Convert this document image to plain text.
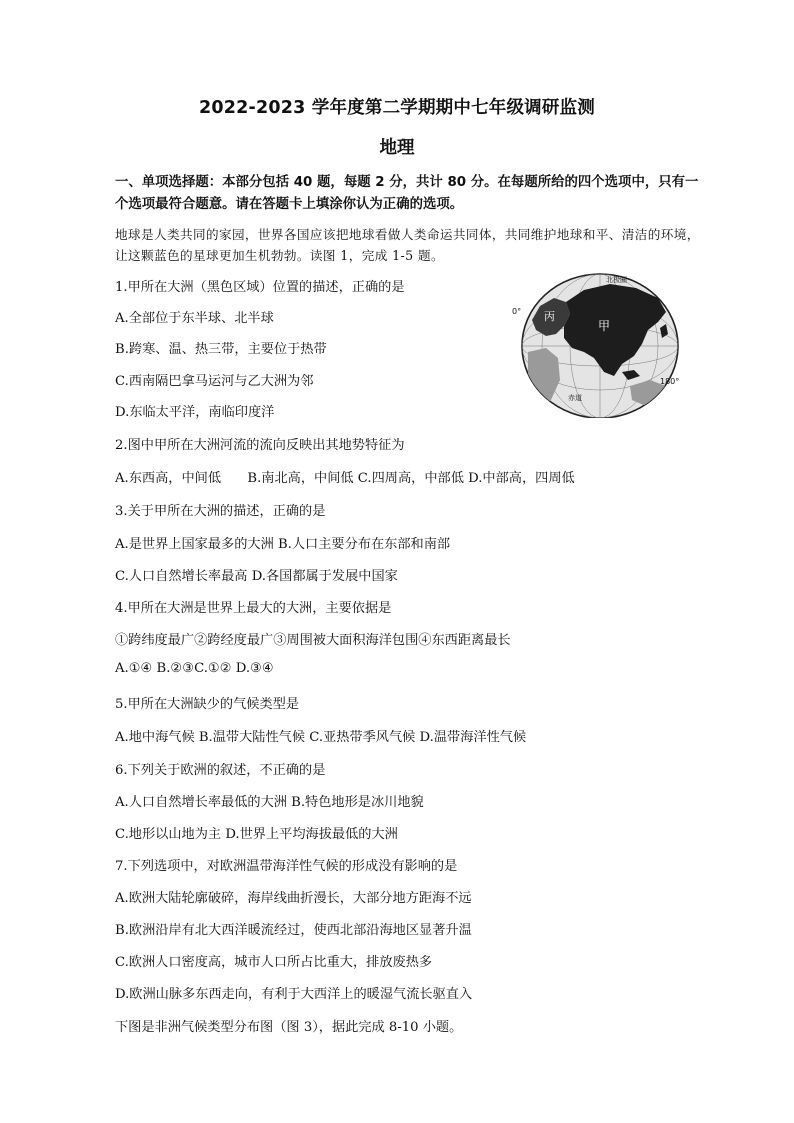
2022-2023 学年度第二学期期中七年级调研监测
地理
一、单项选择题：本部分包括 40 题，每题 2 分，共计 80 分。在每题所给的四个选项中，只有一个选项最符合题意。请在答题卡上填涂你认为正确的选项。
地球是人类共同的家园，世界各国应该把地球看做人类命运共同体，共同维护地球和平、清洁的环境，让这颗蓝色的星球更加生机勃勃。读图 1，完成 1-5 题。
丙
甲
0°
180°
北极圈
赤道
1.甲所在大洲（黑色区域）位置的描述，正确的是
A.全部位于东半球、北半球
B.跨寒、温、热三带，主要位于热带
C.西南隔巴拿马运河与乙大洲为邻
D.东临太平洋，南临印度洋
2.图中甲所在大洲河流的流向反映出其地势特征为
A.东西高，中间低　　B.南北高，中间低 C.四周高，中部低 D.中部高，四周低
3.关于甲所在大洲的描述，正确的是
A.是世界上国家最多的大洲 B.人口主要分布在东部和南部
C.人口自然增长率最高 D.各国都属于发展中国家
4.甲所在大洲是世界上最大的大洲，主要依据是
①跨纬度最广②跨经度最广③周围被大面积海洋包围④东西距离最长
A.①④ B.②③C.①② D.③④
5.甲所在大洲缺少的气候类型是
A.地中海气候 B.温带大陆性气候 C.亚热带季风气候 D.温带海洋性气候
6.下列关于欧洲的叙述，不正确的是
A.人口自然增长率最低的大洲 B.特色地形是冰川地貌
C.地形以山地为主 D.世界上平均海拔最低的大洲
7.下列选项中，对欧洲温带海洋性气候的形成没有影响的是
A.欧洲大陆轮廓破碎，海岸线曲折漫长，大部分地方距海不远
B.欧洲沿岸有北大西洋暖流经过，使西北部沿海地区显著升温
C.欧洲人口密度高，城市人口所占比重大，排放废热多
D.欧洲山脉多东西走向，有利于大西洋上的暖湿气流长驱直入
下图是非洲气候类型分布图（图 3），据此完成 8-10 小题。
